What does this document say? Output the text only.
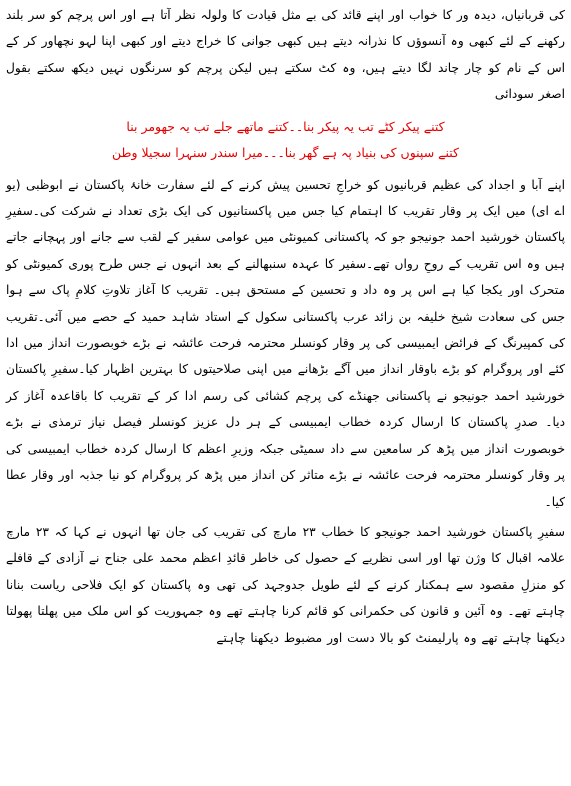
کی قربانیاں، دیدہ ور کا خواب اور اپنے قائد کی بے مثل قیادت کا ولولہ نظر آتا ہے اور اس پرچم کو سر بلند رکھنے کے لئے کبھی وہ آنسوؤں کا نذرانہ دیتے ہیں کبھی جوانی کا خراج دیتے اور کبھی اپنا لہو نچھاور کر کے اس کے نام کو چار چاند لگا دیتے ہیں، وہ کٹ سکتے ہیں لیکن پرچم کو سرنگوں نہیں دیکھ سکتے بقول اصغر سودائی

کتنے پیکر کٹے تب یہ پیکر بنا۔۔کتنے ماتھے جلے تب یہ جھومر بنا
کتنے سپنوں کی بنیاد پہ ہے گھر بنا۔۔۔میرا سندر سنہرا سجیلا وطن

اپنے آبا و اجداد کی عظیم قربانیوں کو خراجِ تحسین پیش کرنے کے لئے سفارت خانۂ پاکستان نے ابوظبی (یو اے ای) میں ایک پر وقار تقریب کا اہتمام کیا جس میں پاکستانیوں کی ایک بڑی تعداد نے شرکت کی۔سفیرِ پاکستان خورشید احمد جونیجو جو کہ پاکستانی کمیونٹی میں عوامی سفیر کے لقب سے جانے اور پہچانے جاتے ہیں وہ اس تقریب کے روحِ رواں تھے۔سفیر کا عہدہ سنبھالنے کے بعد انہوں نے جس طرح پوری کمیونٹی کو متحرک اور یکجا کیا ہے اس پر وہ داد و تحسین کے مستحق ہیں۔ تقریب کا آغاز تلاوتِ کلامِ پاک سے ہوا جس کی سعادت شیخ خلیفہ بن زائد عرب پاکستانی سکول کے استاد شاہد حمید کے حصے میں آئی۔تقریب کی کمپیرنگ کے فرائض ایمبیسی کی پر وقار کونسلر محترمہ فرحت عائشہ نے بڑے خوبصورت انداز میں ادا کئے اور پروگرام کو بڑے باوقار انداز میں آگے بڑھانے میں اپنی صلاحیتوں کا بہترین اظہار کیا۔سفیرِ پاکستان خورشید احمد جونیجو نے پاکستانی جھنڈے کی پرچم کشائی کی رسم ادا کر کے تقریب کا باقاعدہ آغاز کر دیا۔ صدرِ پاکستان کا ارسال کردہ خطاب ایمبیسی کے ہر دل عزیز کونسلر فیصل نیاز ترمذی نے بڑے خوبصورت انداز میں پڑھ کر سامعین سے داد سمیٹی جبکہ وزیرِ اعظم کا ارسال کردہ خطاب ایمبیسی کی پر وقار کونسلر محترمہ فرحت عائشہ نے بڑے متاثر کن انداز میں پڑھ کر پروگرام کو نیا جذبہ اور وقار عطا کیا۔

سفیرِ پاکستان خورشید احمد جونیجو کا خطاب ۲۳ مارچ کی تقریب کی جان تھا انہوں نے کہا کہ ۲۳ مارچ علامہ اقبال کا وژن تھا اور اسی نظریے کے حصول کی خاطر قائدِ اعظم محمد علی جناح نے آزادی کے قافلے کو منزلِ مقصود سے ہمکنار کرنے کے لئے طویل جدوجہد کی تھی وہ پاکستان کو ایک فلاحی ریاست بنانا چاہتے تھے۔ وہ آئین و قانون کی حکمرانی کو قائم کرنا چاہتے تھے وہ جمہوریت کو اس ملک میں پھلتا پھولتا دیکھنا چاہتے تھے وہ پارلیمنٹ کو بالا دست اور مضبوط دیکھنا چاہتے
